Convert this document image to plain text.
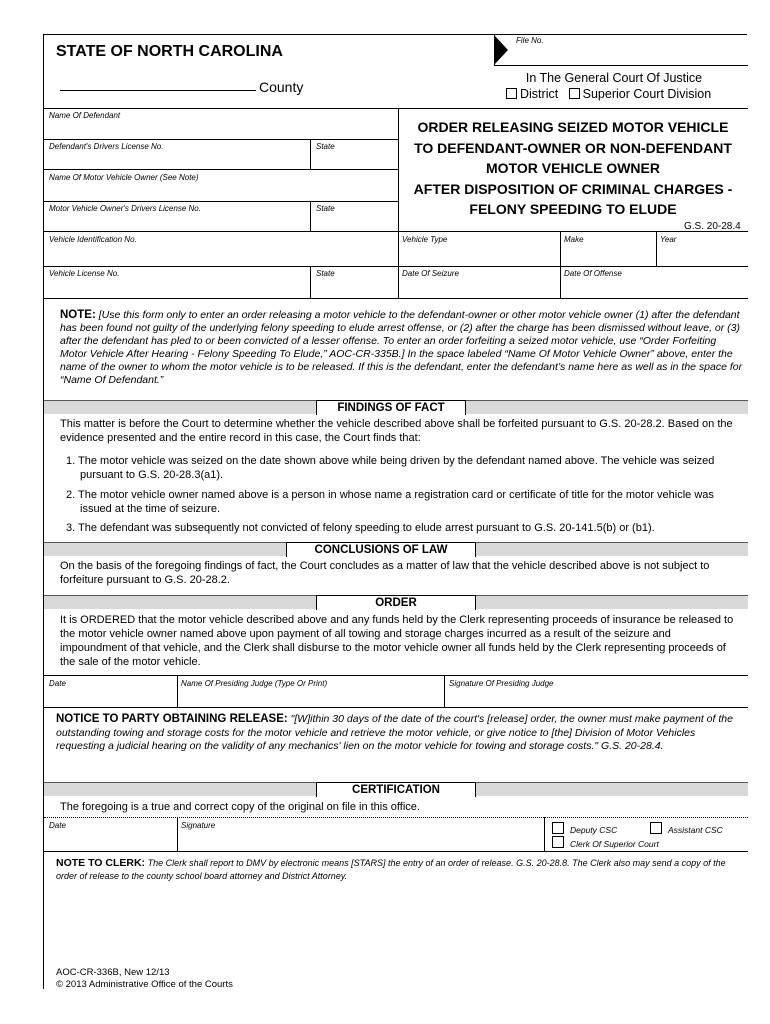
STATE OF NORTH CAROLINA
County
File No.
In The General Court Of Justice
District Superior Court Division
Name Of Defendant
Defendant's Drivers License No.	State
Name Of Motor Vehicle Owner (See Note)
Motor Vehicle Owner's Drivers License No.	State
ORDER RELEASING SEIZED MOTOR VEHICLE
TO DEFENDANT-OWNER OR NON-DEFENDANT
MOTOR VEHICLE OWNER
AFTER DISPOSITION OF CRIMINAL CHARGES -
FELONY SPEEDING TO ELUDE
G.S. 20-28.4
Vehicle Identification No.	Vehicle Type	Make	Year
Vehicle License No.	State	Date Of Seizure	Date Of Offense
NOTE: [Use this form only to enter an order releasing a motor vehicle to the defendant-owner or other motor vehicle owner (1) after the defendant has been found not guilty of the underlying felony speeding to elude arrest offense, or (2) after the charge has been dismissed without leave, or (3) after the defendant has pled to or been convicted of a lesser offense. To enter an order forfeiting a seized motor vehicle, use “Order Forfeiting Motor Vehicle After Hearing - Felony Speeding To Elude,” AOC-CR-335B.] In the space labeled “Name Of Motor Vehicle Owner” above, enter the name of the owner to whom the motor vehicle is to be released. If this is the defendant, enter the defendant’s name here as well as in the space for “Name Of Defendant.”
FINDINGS OF FACT
This matter is before the Court to determine whether the vehicle described above shall be forfeited pursuant to G.S. 20-28.2. Based on the evidence presented and the entire record in this case, the Court finds that:
1. The motor vehicle was seized on the date shown above while being driven by the defendant named above. The vehicle was seized pursuant to G.S. 20-28.3(a1).
2. The motor vehicle owner named above is a person in whose name a registration card or certificate of title for the motor vehicle was issued at the time of seizure.
3. The defendant was subsequently not convicted of felony speeding to elude arrest pursuant to G.S. 20-141.5(b) or (b1).
CONCLUSIONS OF LAW
On the basis of the foregoing findings of fact, the Court concludes as a matter of law that the vehicle described above is not subject to forfeiture pursuant to G.S. 20-28.2.
ORDER
It is ORDERED that the motor vehicle described above and any funds held by the Clerk representing proceeds of insurance be released to the motor vehicle owner named above upon payment of all towing and storage charges incurred as a result of the seizure and impoundment of that vehicle, and the Clerk shall disburse to the motor vehicle owner all funds held by the Clerk representing proceeds of the sale of the motor vehicle.
Date	Name Of Presiding Judge (Type Or Print)	Signature Of Presiding Judge
NOTICE TO PARTY OBTAINING RELEASE: "[W]ithin 30 days of the date of the court's [release] order, the owner must make payment of the outstanding towing and storage costs for the motor vehicle and retrieve the motor vehicle, or give notice to [the] Division of Motor Vehicles requesting a judicial hearing on the validity of any mechanics' lien on the motor vehicle for towing and storage costs." G.S. 20-28.4.
CERTIFICATION
The foregoing is a true and correct copy of the original on file in this office.
Date	Signature	Deputy CSC	Assistant CSC
Clerk Of Superior Court
NOTE TO CLERK: The Clerk shall report to DMV by electronic means [STARS] the entry of an order of release. G.S. 20-28.8. The Clerk also may send a copy of the order of release to the county school board attorney and District Attorney.
AOC-CR-336B, New 12/13
© 2013 Administrative Office of the Courts
